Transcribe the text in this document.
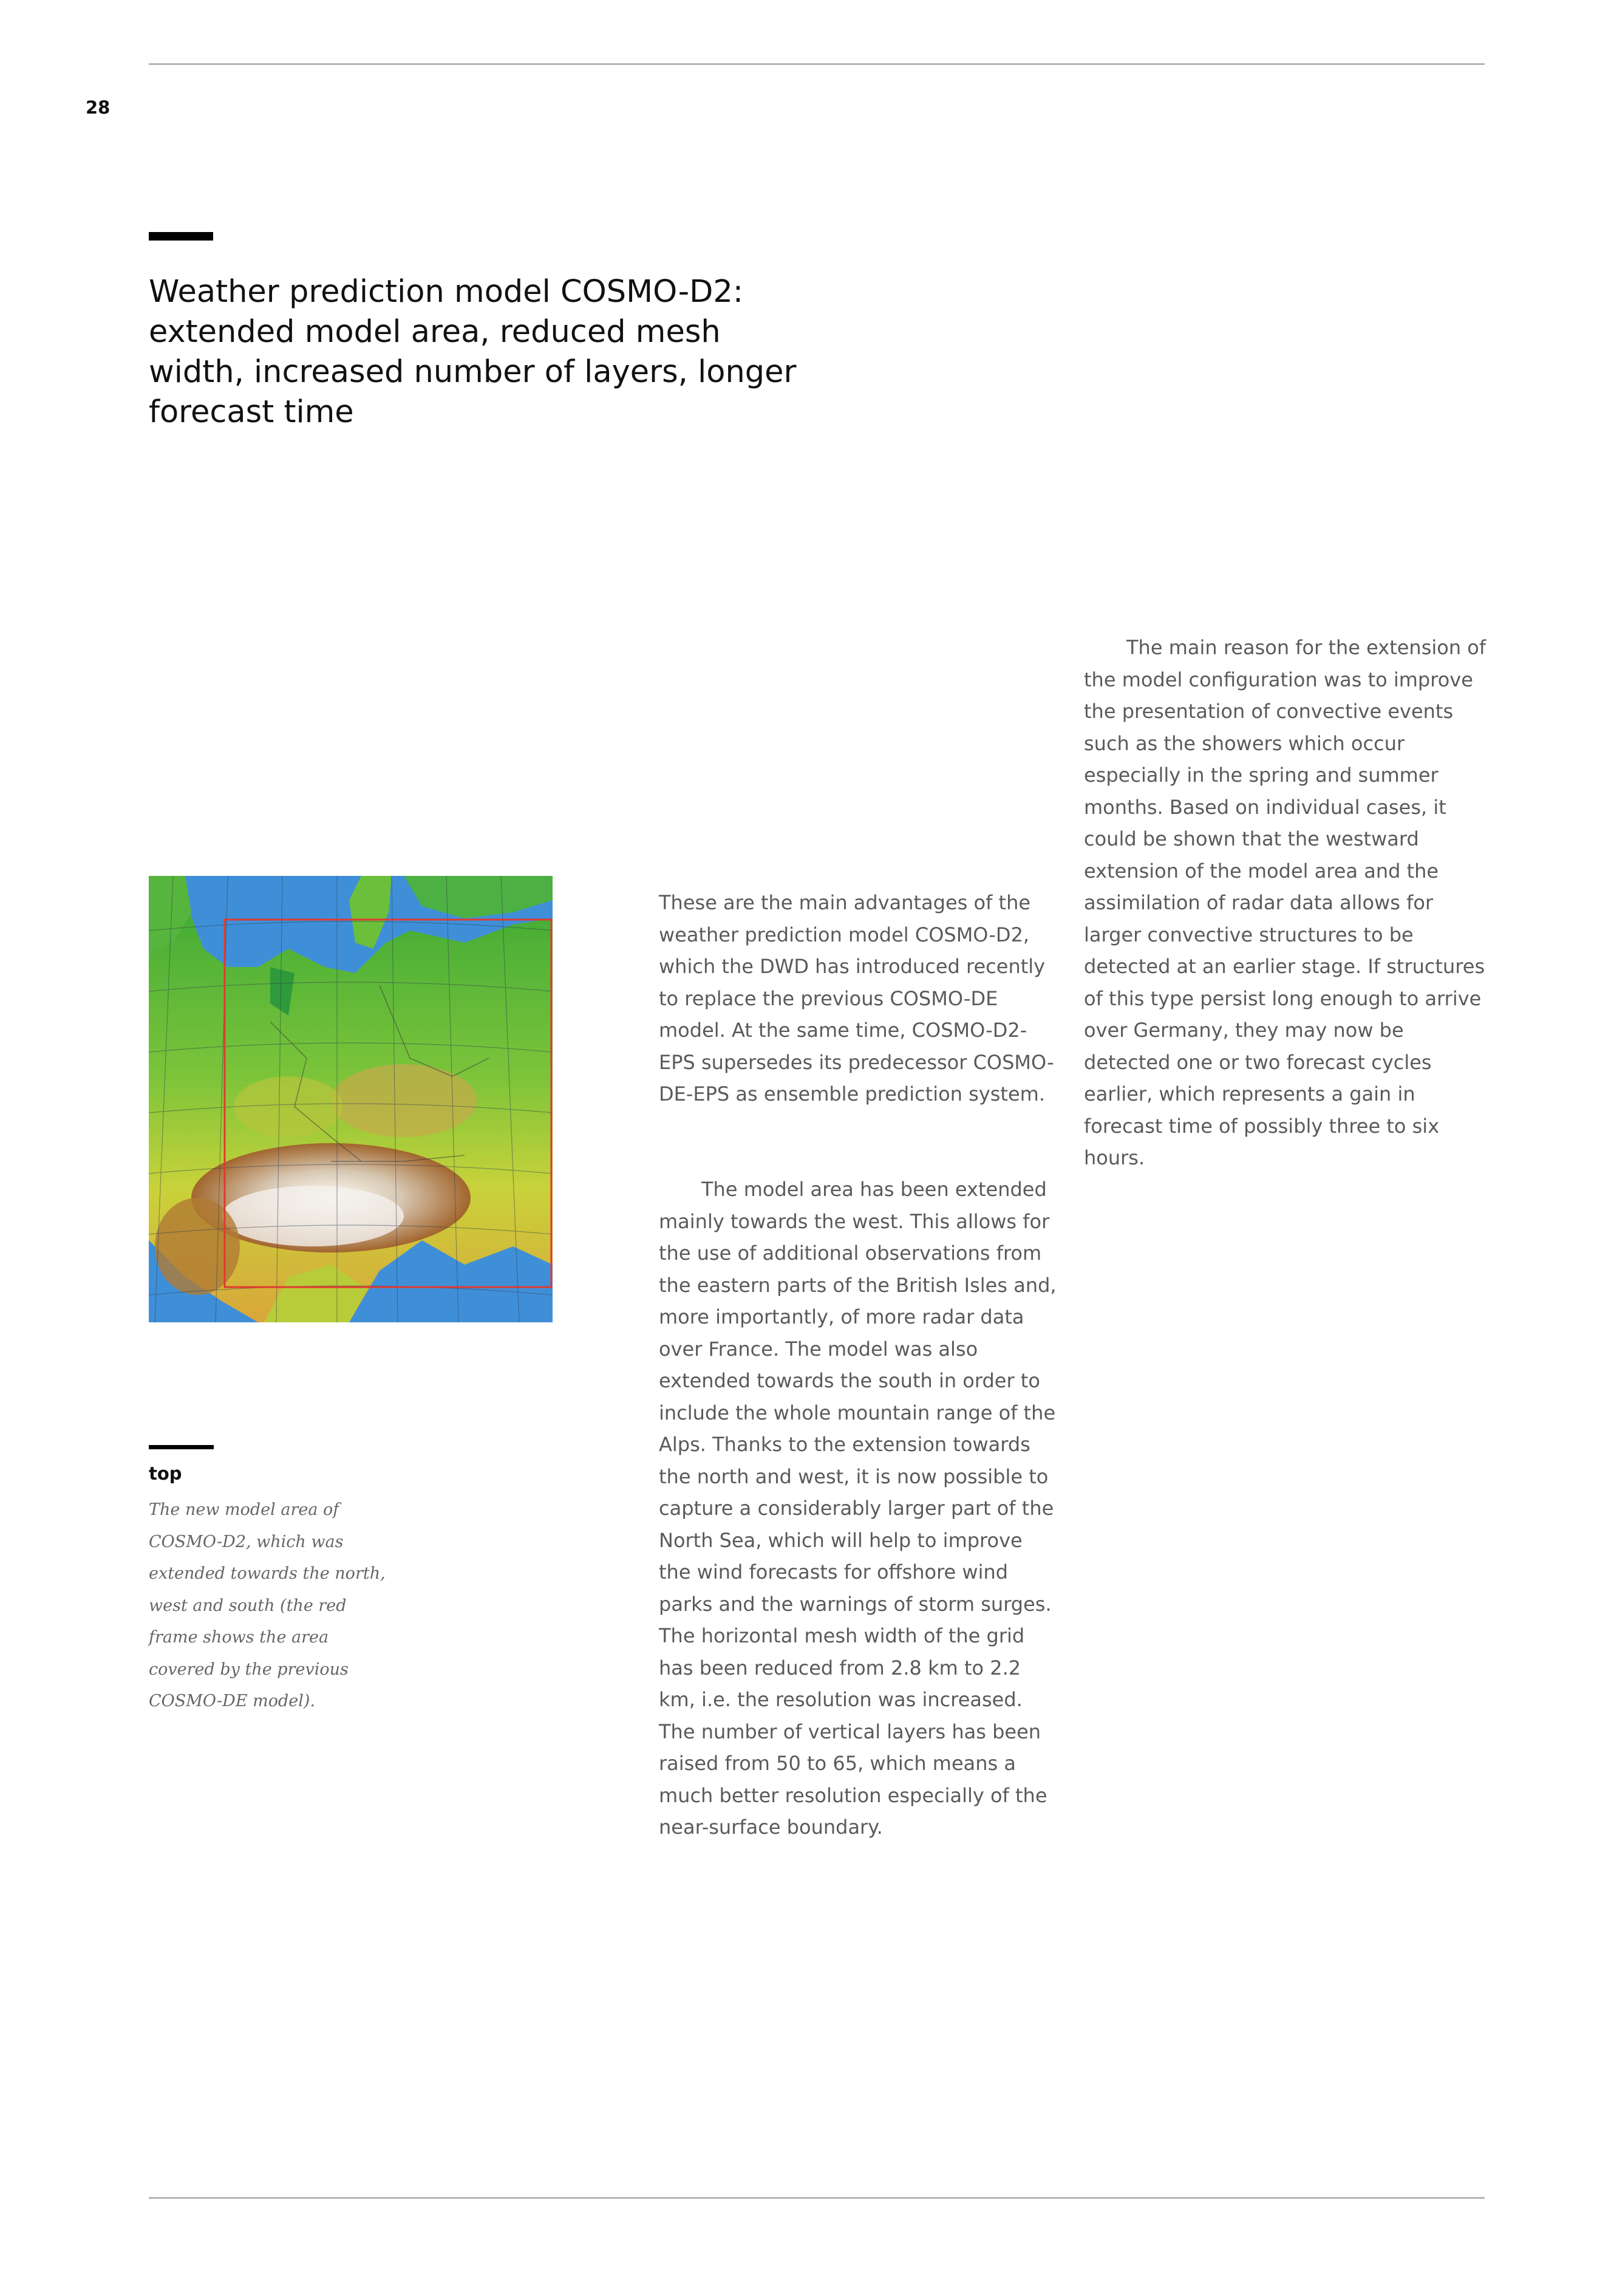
28
Weather prediction model COSMO-D2: extended model area, reduced mesh width, increased number of layers, longer forecast time
top

The new model area of COSMO-D2, which was extended towards the north, west and south (the red frame shows the area covered by the previous COSMO-DE model).

These are the main advantages of the weather prediction model COSMO-D2, which the DWD has introduced recently to replace the previous COSMO-DE model. At the same time, COSMO-D2-EPS supersedes its predecessor COSMO-DE-EPS as ensemble prediction system.

The model area has been extended mainly towards the west. This allows for the use of additional observations from the eastern parts of the British Isles and, more importantly, of more radar data over France. The model was also extended towards the south in order to include the whole mountain range of the Alps. Thanks to the extension towards the north and west, it is now possible to capture a considerably larger part of the North Sea, which will help to improve the wind forecasts for offshore wind parks and the warnings of storm surges. The horizontal mesh width of the grid has been reduced from 2.8 km to 2.2 km, i.e. the resolution was increased. The number of vertical layers has been raised from 50 to 65, which means a much better resolution especially of the near-surface boundary.

The main reason for the extension of the model configuration was to improve the presentation of convective events such as the showers which occur especially in the spring and summer months. Based on individual cases, it could be shown that the westward extension of the model area and the assimilation of radar data allows for larger convective structures to be detected at an earlier stage. If structures of this type persist long enough to arrive over Germany, they may now be detected one or two forecast cycles earlier, which represents a gain in forecast time of possibly three to six hours.
